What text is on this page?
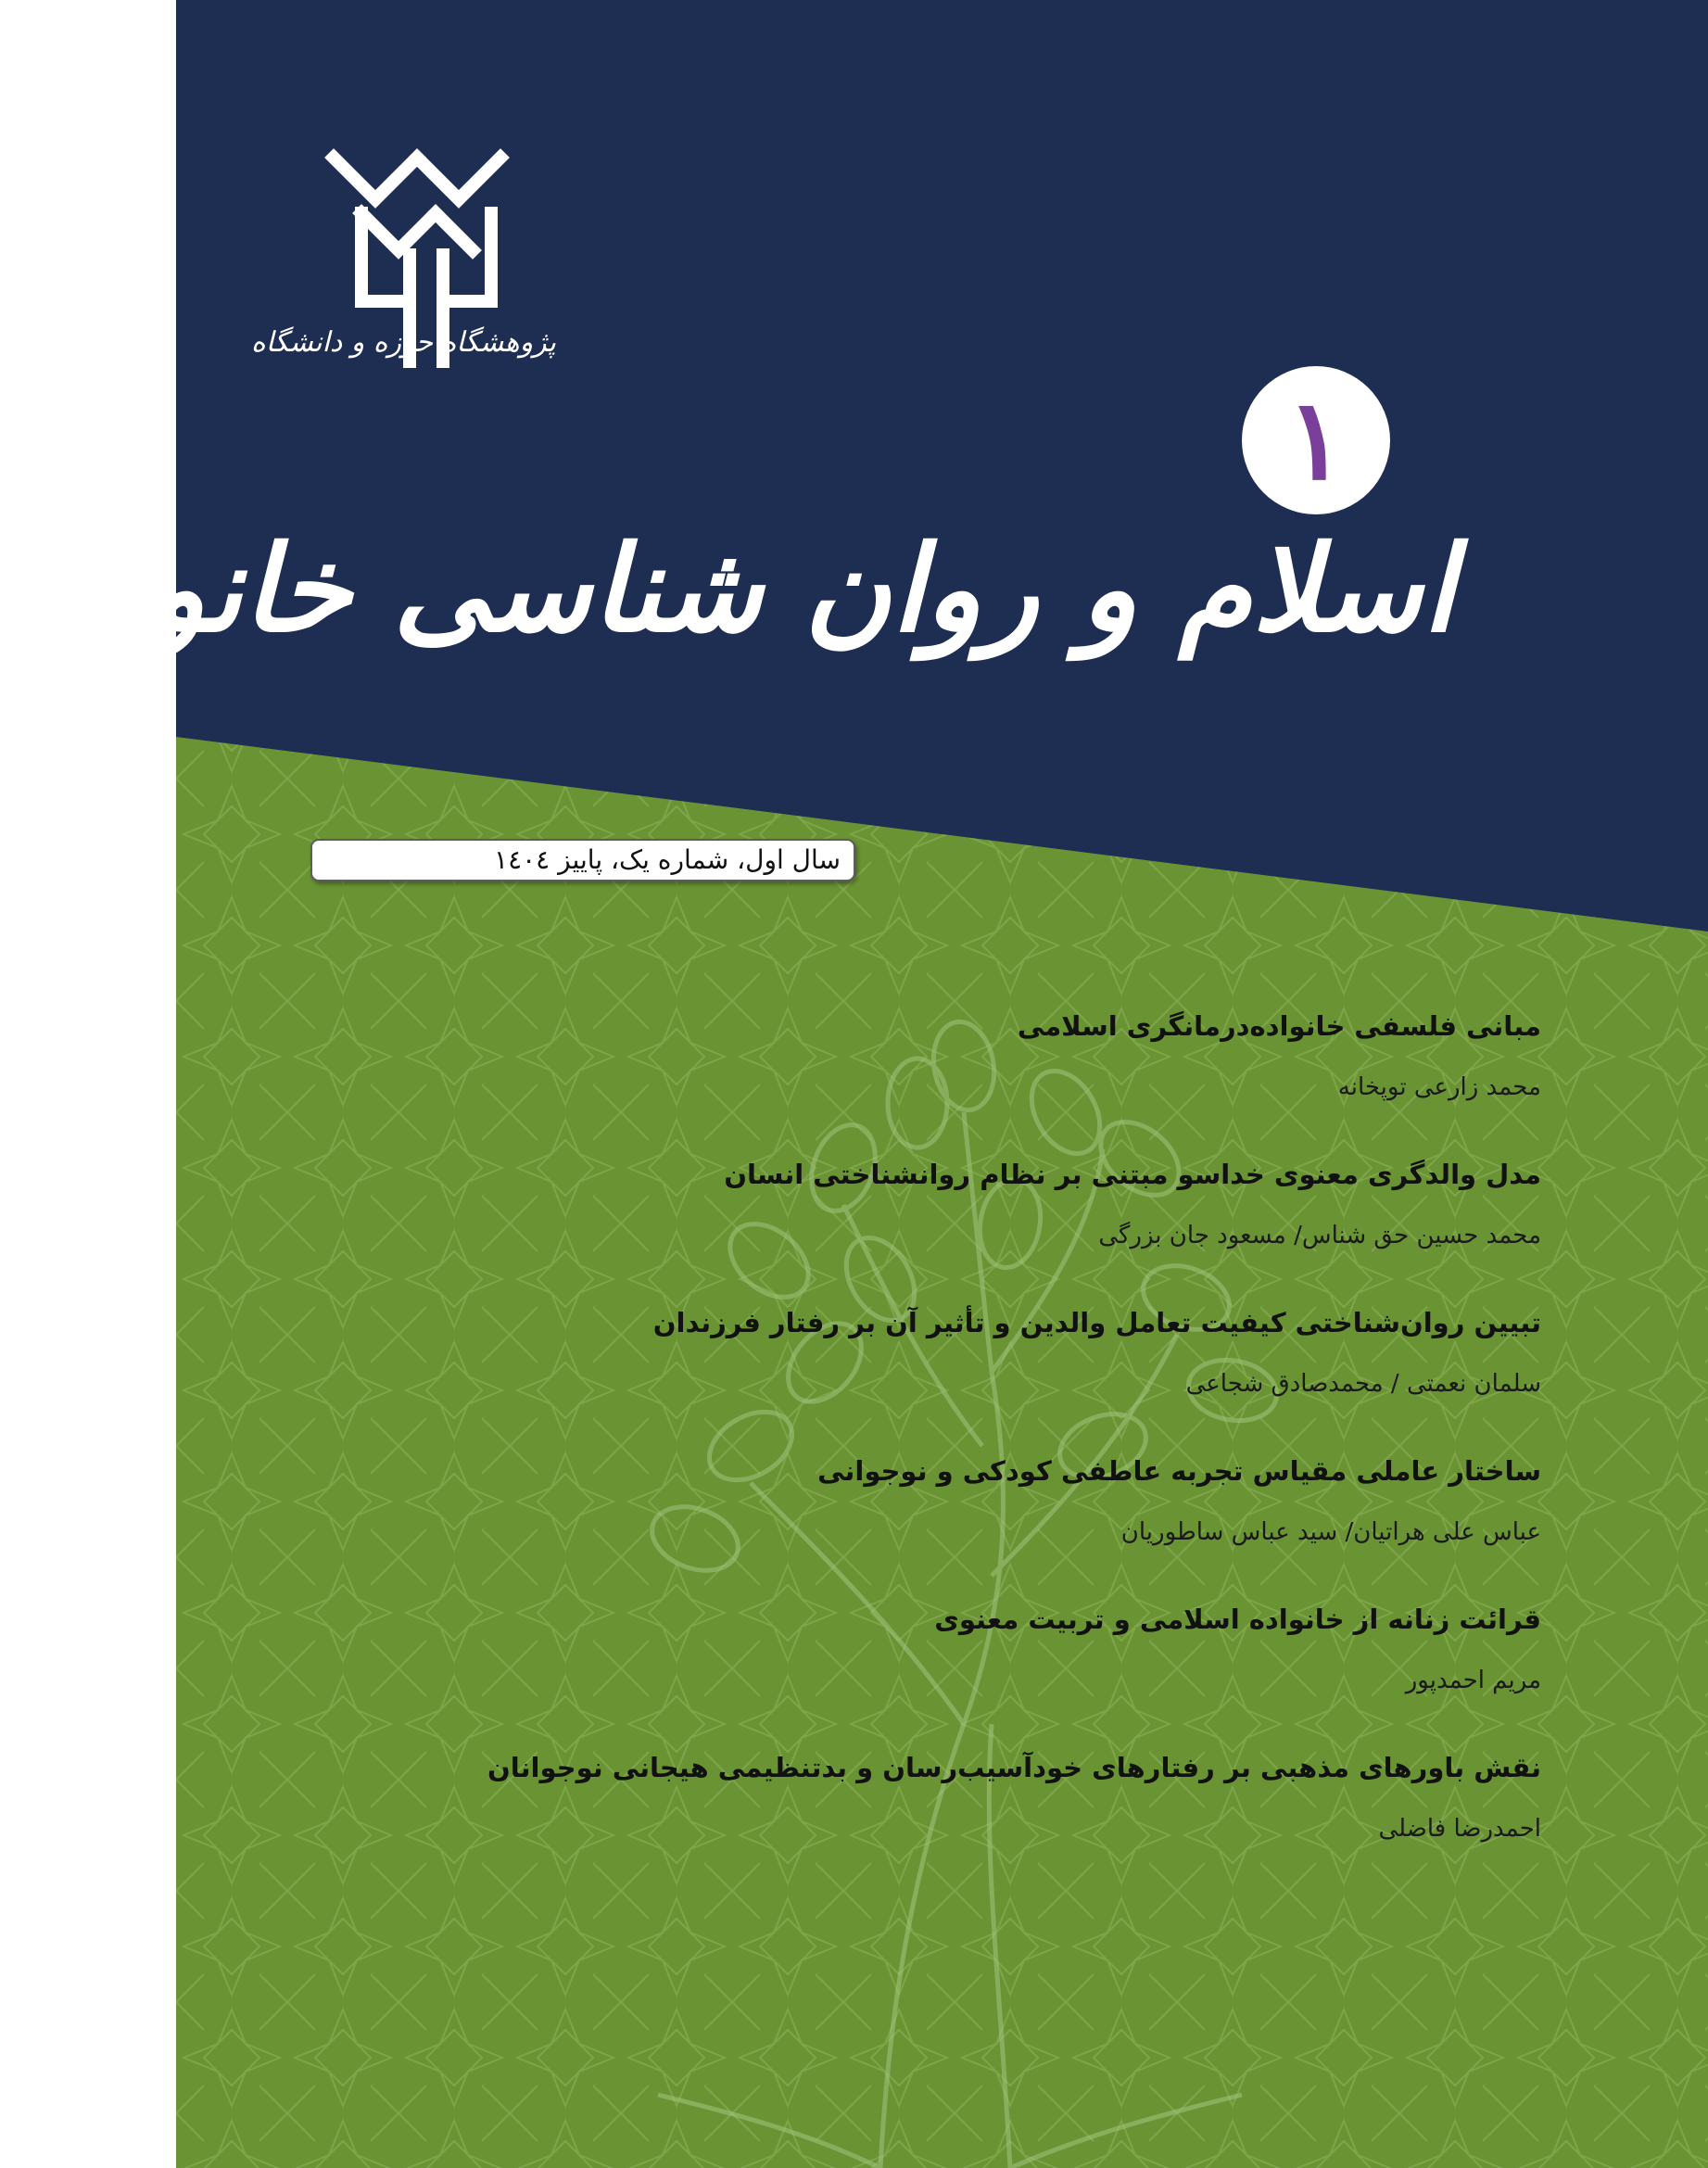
پژوهشگاه حوزه و دانشگاه
١
اسلام و روان شناسی خانواده
سال اول، شماره یک، پاییز ١٤٠٤
مبانی فلسفی خانواده‌درمانگری اسلامی
محمد زارعی توپخانه
مدل والدگری معنوی خداسو مبتنی بر نظام روانشناختی انسان
محمد حسین حق شناس/ مسعود جان بزرگی
تبیین روان‌شناختی کیفیت تعامل والدین و تأثیر آن بر رفتار فرزندان
سلمان نعمتی / محمدصادق شجاعی
ساختار عاملی مقیاس تجربه عاطفی کودکی و نوجوانی
عباس علی هراتیان/ سید عباس ساطوریان
قرائت زنانه از خانواده اسلامی و تربیت معنوی
مریم احمدپور
نقش باورهای مذهبی بر رفتارهای خودآسیب‌رسان و بدتنظیمی هیجانی نوجوانان
احمدرضا فاضلی
